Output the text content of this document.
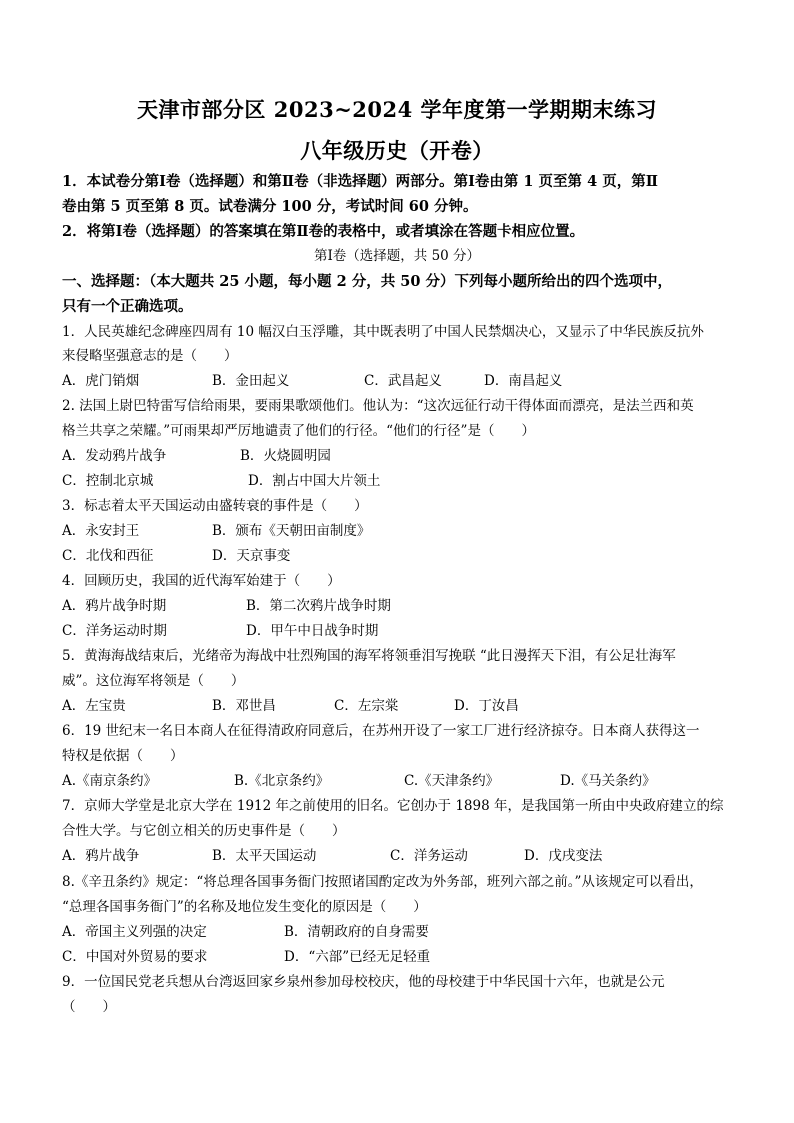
天津市部分区 2023~2024 学年度第一学期期末练习
八年级历史（开卷）
1．本试卷分第Ⅰ卷（选择题）和第Ⅱ卷（非选择题）两部分。第Ⅰ卷由第 1 页至第 4 页，第Ⅱ
卷由第 5 页至第 8 页。试卷满分 100 分，考试时间 60 分钟。
2．将第Ⅰ卷（选择题）的答案填在第Ⅱ卷的表格中，或者填涂在答题卡相应位置。
第Ⅰ卷（选择题，共 50 分）
一、选择题：（本大题共 25 小题，每小题 2 分，共 50 分）下列每小题所给出的四个选项中，
只有一个正确选项。
1．人民英雄纪念碑座四周有 10 幅汉白玉浮雕，其中既表明了中国人民禁烟决心，又显示了中华民族反抗外
来侵略坚强意志的是（　　）
A．虎门销烟	B．金田起义	C．武昌起义	D．南昌起义
2. 法国上尉巴特雷写信给雨果，要雨果歌颂他们。他认为：“这次远征行动干得体面而漂亮，是法兰西和英
格兰共享之荣耀。”可雨果却严厉地谴责了他们的行径。“他们的行径”是（　　）
A．发动鸦片战争	B．火烧圆明园
C．控制北京城	D．割占中国大片领土
3．标志着太平天国运动由盛转衰的事件是（　　）
A．永安封王	B．颁布《天朝田亩制度》
C．北伐和西征	D．天京事变
4．回顾历史，我国的近代海军始建于（　　）
A．鸦片战争时期	B．第二次鸦片战争时期
C．洋务运动时期	D．甲午中日战争时期
5．黄海海战结束后，光绪帝为海战中壮烈殉国的海军将领垂泪写挽联 “此日漫挥天下泪，有公足壮海军
威”。这位海军将领是（　　）
A．左宝贵	B．邓世昌	C．左宗棠	D．丁汝昌
6．19 世纪末一名日本商人在征得清政府同意后，在苏州开设了一家工厂进行经济掠夺。日本商人获得这一
特权是依据（　　）
A.《南京条约》	B.《北京条约》	C.《天津条约》	D.《马关条约》
7．京师大学堂是北京大学在 1912 年之前使用的旧名。它创办于 1898 年，是我国第一所由中央政府建立的综
合性大学。与它创立相关的历史事件是（　　）
A．鸦片战争	B．太平天国运动	C．洋务运动	D．戊戌变法
8.《辛丑条约》规定：“将总理各国事务衙门按照诸国酌定改为外务部，班列六部之前。”从该规定可以看出，
“总理各国事务衙门”的名称及地位发生变化的原因是（　　）
A．帝国主义列强的决定	B．清朝政府的自身需要
C．中国对外贸易的要求	D．“六部”已经无足轻重
9．一位国民党老兵想从台湾返回家乡泉州参加母校校庆，他的母校建于中华民国十六年，也就是公元
（　　）
